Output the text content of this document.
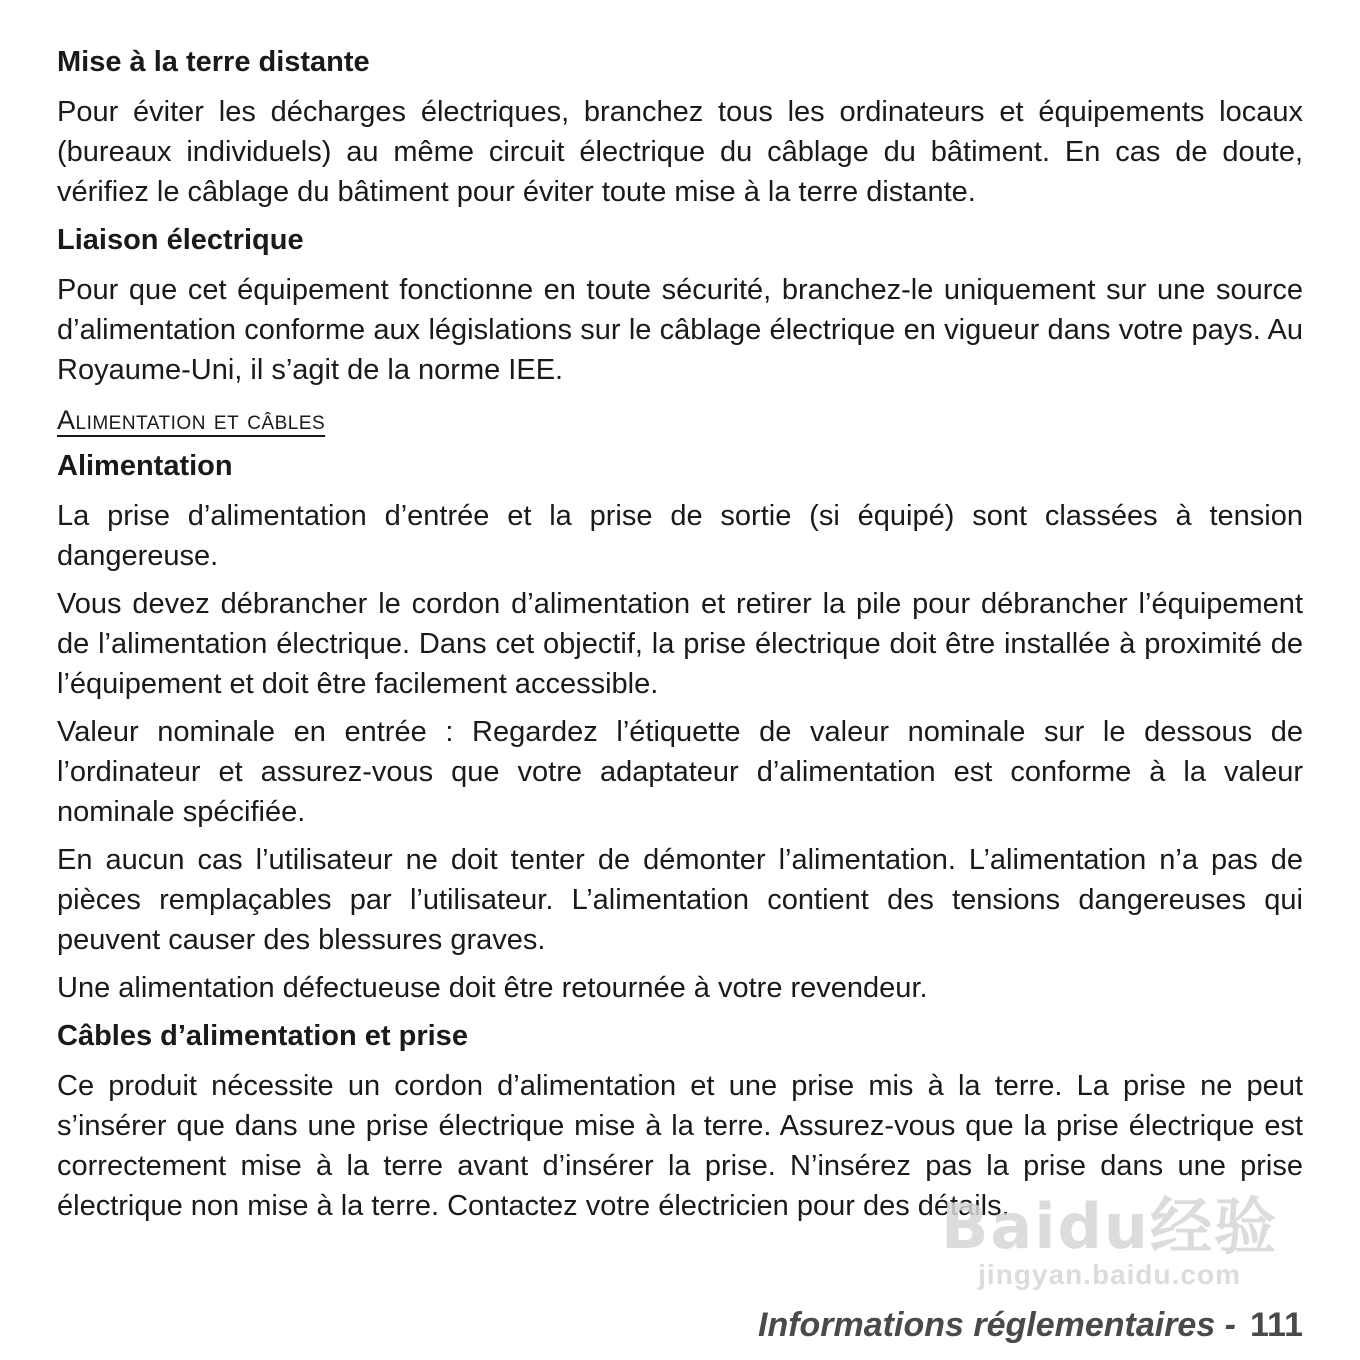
Mise à la terre distante

Pour éviter les décharges électriques, branchez tous les ordinateurs et équipements locaux (bureaux individuels) au même circuit électrique du câblage du bâtiment. En cas de doute, vérifiez le câblage du bâtiment pour éviter toute mise à la terre distante.

Liaison électrique

Pour que cet équipement fonctionne en toute sécurité, branchez-le uniquement sur une source d’alimentation conforme aux législations sur le câblage électrique en vigueur dans votre pays. Au Royaume-Uni, il s’agit de la norme IEE.

Alimentation et câbles
Alimentation

La prise d’alimentation d’entrée et la prise de sortie (si équipé) sont classées à tension dangereuse.

Vous devez débrancher le cordon d’alimentation et retirer la pile pour débrancher l’équipement de l’alimentation électrique. Dans cet objectif, la prise électrique doit être installée à proximité de l’équipement et doit être facilement accessible.

Valeur nominale en entrée : Regardez l’étiquette de valeur nominale sur le dessous de l’ordinateur et assurez-vous que votre adaptateur d’alimentation est conforme à la valeur nominale spécifiée.

En aucun cas l’utilisateur ne doit tenter de démonter l’alimentation. L’alimentation n’a pas de pièces remplaçables par l’utilisateur. L’alimentation contient des tensions dangereuses qui peuvent causer des blessures graves.

Une alimentation défectueuse doit être retournée à votre revendeur.

Câbles d’alimentation et prise

Ce produit nécessite un cordon d’alimentation et une prise mis à la terre. La prise ne peut s’insérer que dans une prise électrique mise à la terre. Assurez-vous que la prise électrique est correctement mise à la terre avant d’insérer la prise. N’insérez pas la prise dans une prise électrique non mise à la terre. Contactez votre électricien pour des détails.

Baidu经验
jingyan.baidu.com
Informations réglementaires - 111
